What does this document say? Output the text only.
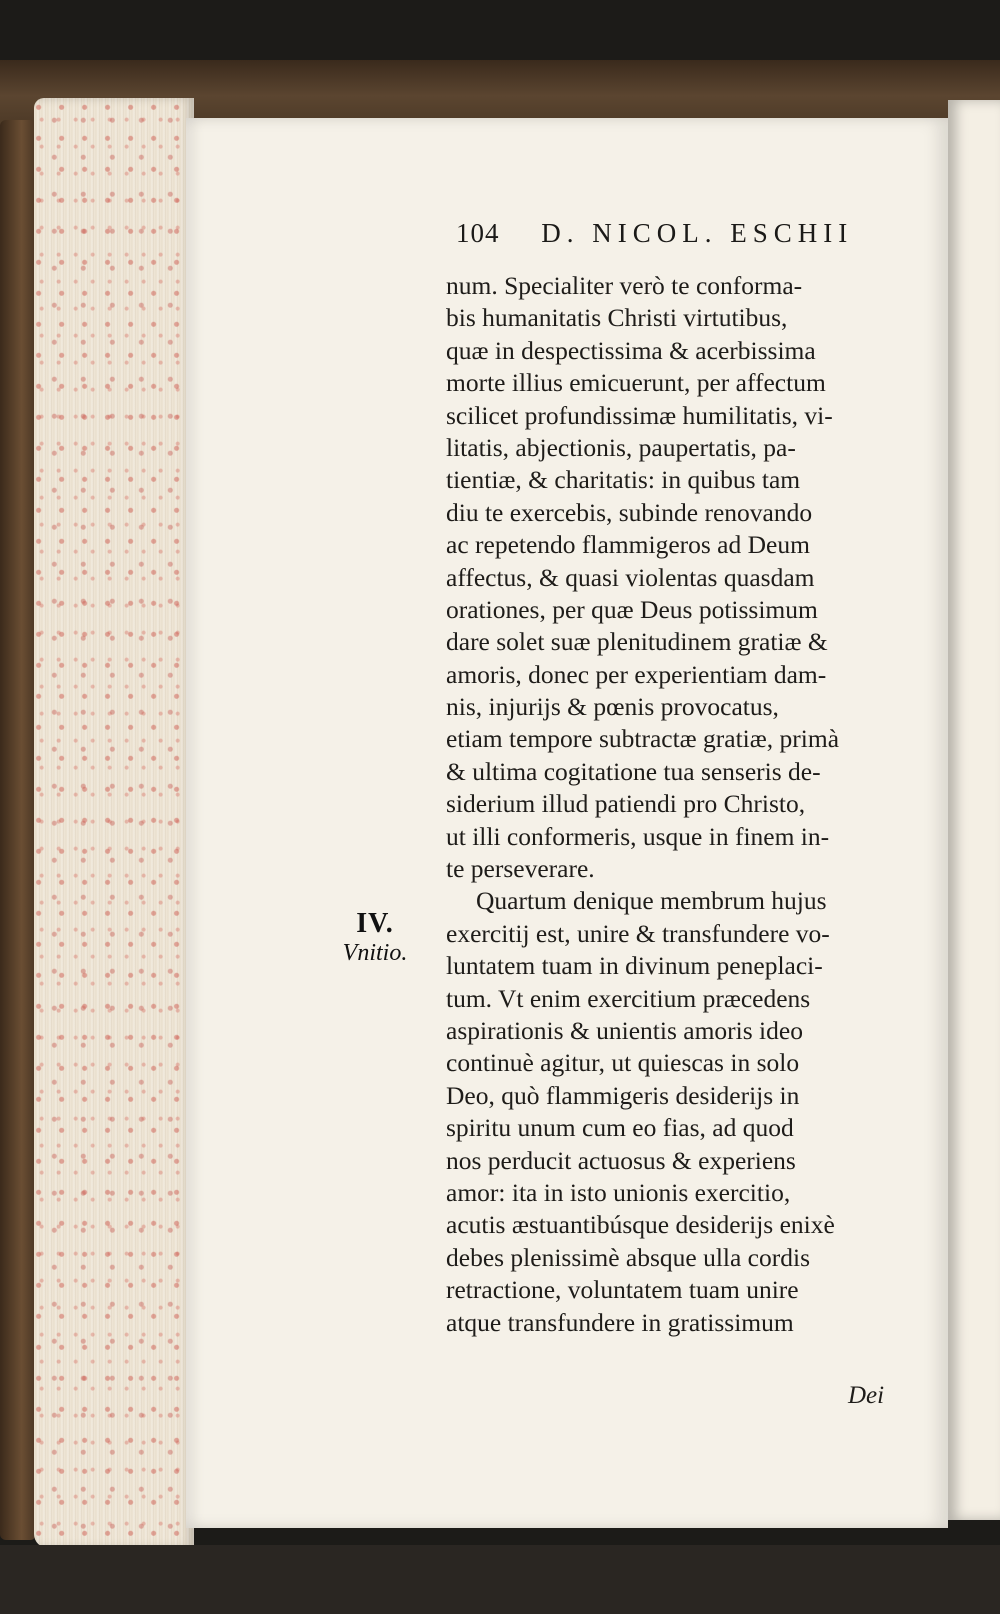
104 D. NICOL. ESCHII
IV.
Vnitio.
num. Specialiter verò te conforma-
bis humanitatis Christi virtutibus,
quæ in despectissima & acerbissima
morte illius emicuerunt, per affectum
scilicet profundissimæ humilitatis, vi-
litatis, abjectionis, paupertatis, pa-
tientiæ, & charitatis: in quibus tam
diu te exercebis, subinde renovando
ac repetendo flammigeros ad Deum
affectus, & quasi violentas quasdam
orationes, per quæ Deus potissimum
dare solet suæ plenitudinem gratiæ &
amoris, donec per experientiam dam-
nis, injurijs & pœnis provocatus,
etiam tempore subtractæ gratiæ, primà
& ultima cogitatione tua senseris de-
siderium illud patiendi pro Christo,
ut illi conformeris, usque in finem in-
te perseverare.
Quartum denique membrum hujus
exercitij est, unire & transfundere vo-
luntatem tuam in divinum peneplaci-
tum. Vt enim exercitium præcedens
aspirationis & unientis amoris ideo
continuè agitur, ut quiescas in solo
Deo, quò flammigeris desiderijs in
spiritu unum cum eo fias, ad quod
nos perducit actuosus & experiens
amor: ita in isto unionis exercitio,
acutis æstuantibúsque desiderijs enixè
debes plenissimè absque ulla cordis
retractione, voluntatem tuam unire
atque transfundere in gratissimum
Dei
